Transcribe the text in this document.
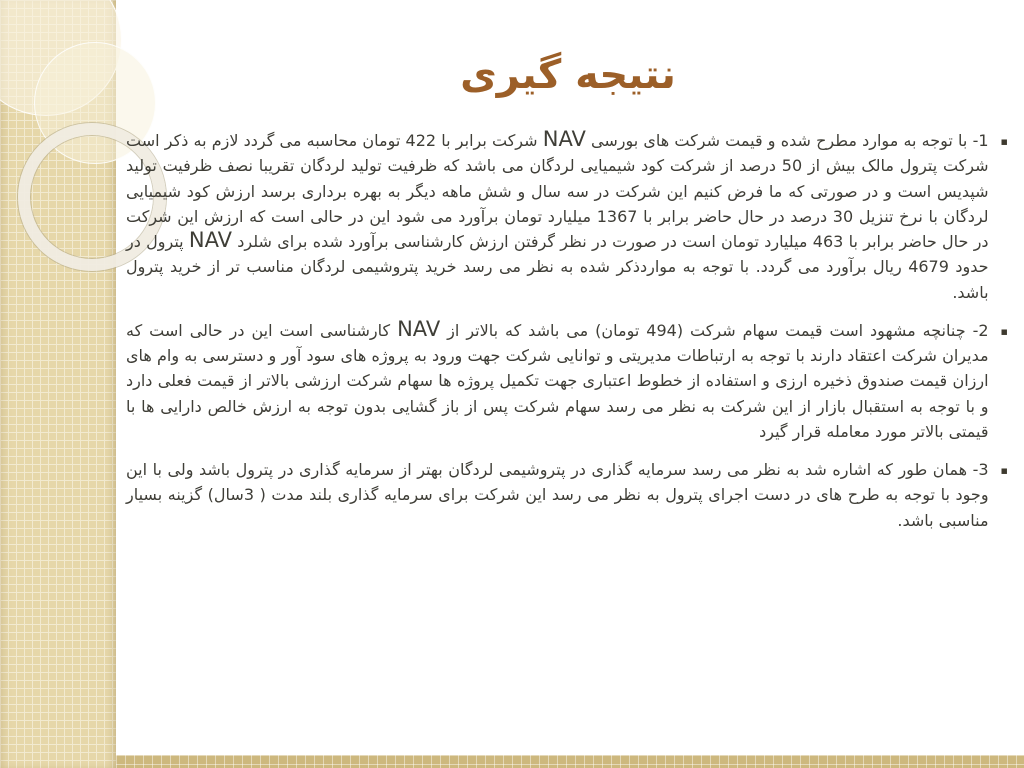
نتیجه گیری
▪
1- با توجه به موارد مطرح شده و قیمت شرکت های بورسی NAV شرکت برابر با 422 تومان محاسبه می گردد لازم به ذکر است شرکت پترول مالک بیش از 50 درصد از شرکت کود شیمیایی لردگان می باشد که ظرفیت تولید لردگان تقریبا نصف ظرفیت تولید شپدیس است و در صورتی که ما فرض کنیم این شرکت در سه سال و شش ماهه دیگر به بهره برداری برسد ارزش کود شیمیایی لردگان با نرخ تنزیل 30 درصد در حال حاضر برابر با 1367 میلیارد تومان برآورد می شود این در حالی است که ارزش این شرکت در حال حاضر برابر با 463 میلیارد تومان است در صورت در نظر گرفتن ارزش کارشناسی برآورد شده برای شلرد NAV پترول در حدود 4679 ریال برآورد می گردد. با توجه به مواردذکر شده به نظر می رسد خرید پتروشیمی لردگان مناسب تر از خرید پترول باشد.
▪
2- چنانچه مشهود است قیمت سهام شرکت (494 تومان) می باشد که بالاتر از NAV کارشناسی است این در حالی است که مدیران شرکت اعتقاد دارند با توجه به ارتباطات مدیریتی و توانایی شرکت جهت ورود به پروژه های سود آور و دسترسی به وام های ارزان قیمت صندوق ذخیره ارزی و استفاده از خطوط اعتباری جهت تکمیل پروژه ها سهام شرکت ارزشی بالاتر از قیمت فعلی دارد و با توجه به استقبال بازار از این شرکت به نظر می رسد سهام شرکت پس از باز گشایی بدون توجه به ارزش خالص دارایی ها با قیمتی بالاتر مورد معامله قرار گیرد
▪
3- همان طور که اشاره شد به نظر می رسد سرمایه گذاری در پتروشیمی لردگان بهتر از سرمایه گذاری در پترول باشد ولی با این وجود با توجه به طرح های در دست اجرای پترول به نظر می رسد این شرکت برای سرمایه گذاری بلند مدت ( 3سال) گزینه بسیار مناسبی باشد.
